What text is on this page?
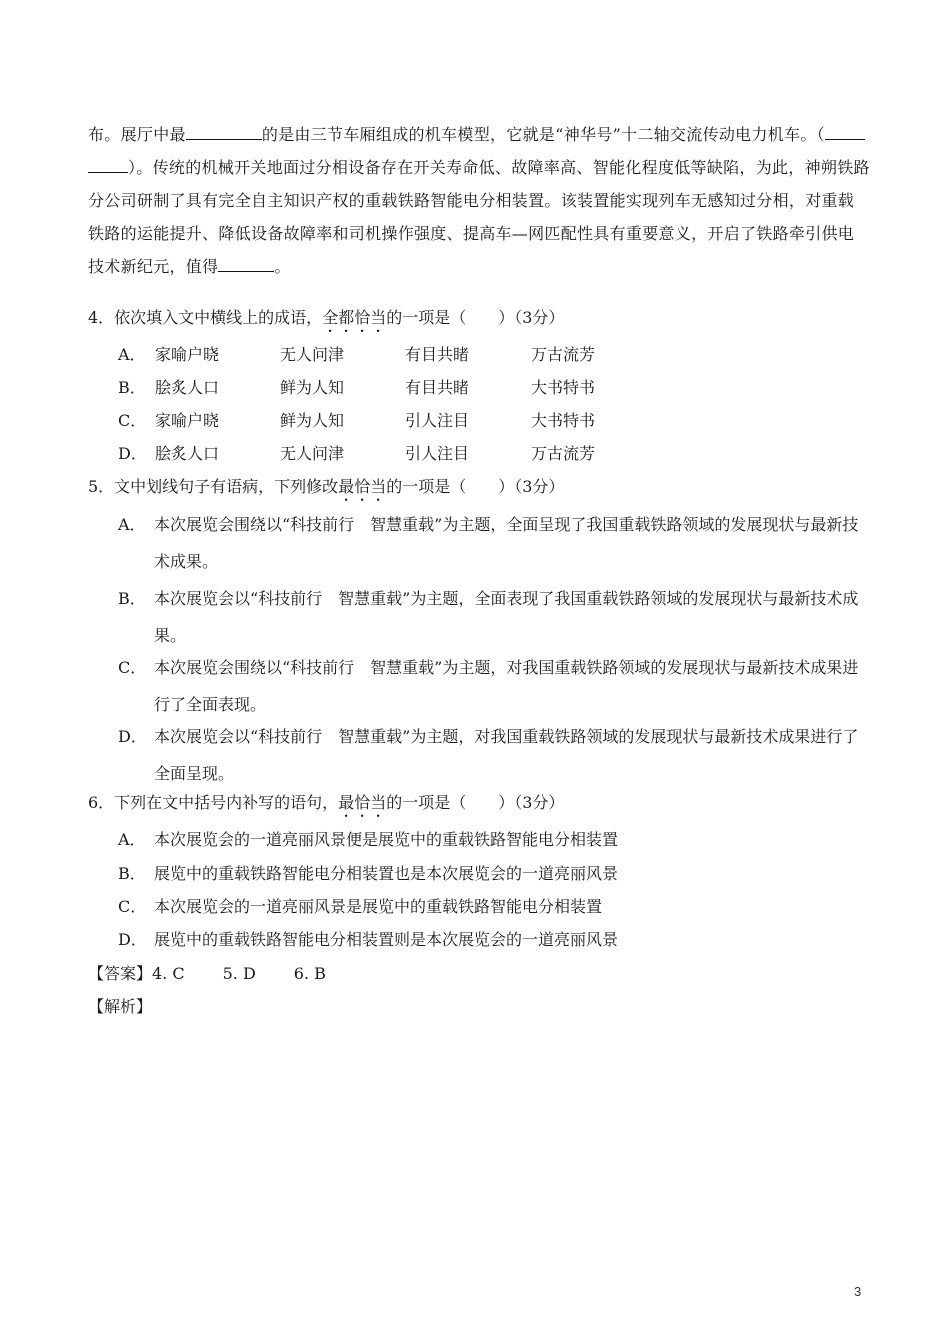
布。展厅中最	的是由三节车厢组成的机车模型，它就是“神华号”十二轴交流传动电力机车。（
）。传统的机械开关地面过分相设备存在开关寿命低、故障率高、智能化程度低等缺陷，为此，神朔铁路
分公司研制了具有完全自主知识产权的重载铁路智能电分相装置。该装置能实现列车无感知过分相，对重载
铁路的运能提升、降低设备故障率和司机操作强度、提高车—网匹配性具有重要意义，开启了铁路牵引供电
技术新纪元，值得	。
4．依次填入文中横线上的成语，全都恰当的一项是（　　）（3分）
A． 家喻户晓	无人问津	有目共睹	万古流芳
B． 脍炙人口	鲜为人知	有目共睹	大书特书
C． 家喻户晓	鲜为人知	引人注目	大书特书
D． 脍炙人口	无人问津	引人注目	万古流芳
5．文中划线句子有语病，下列修改最恰当的一项是（　　）（3分）
A． 本次展览会围绕以“科技前行　智慧重载”为主题，全面呈现了我国重载铁路领域的发展现状与最新技术成果。
B． 本次展览会以“科技前行　智慧重载”为主题，全面表现了我国重载铁路领域的发展现状与最新技术成果。
C． 本次展览会围绕以“科技前行　智慧重载”为主题，对我国重载铁路领域的发展现状与最新技术成果进行了全面表现。
D． 本次展览会以“科技前行　智慧重载”为主题，对我国重载铁路领域的发展现状与最新技术成果进行了全面呈现。
6．下列在文中括号内补写的语句，最恰当的一项是（　　）（3分）
A． 本次展览会的一道亮丽风景便是展览中的重载铁路智能电分相装置
B． 展览中的重载铁路智能电分相装置也是本次展览会的一道亮丽风景
C． 本次展览会的一道亮丽风景是展览中的重载铁路智能电分相装置
D． 展览中的重载铁路智能电分相装置则是本次展览会的一道亮丽风景
【答案】4. C 5. D 6. B
【解析】
3
